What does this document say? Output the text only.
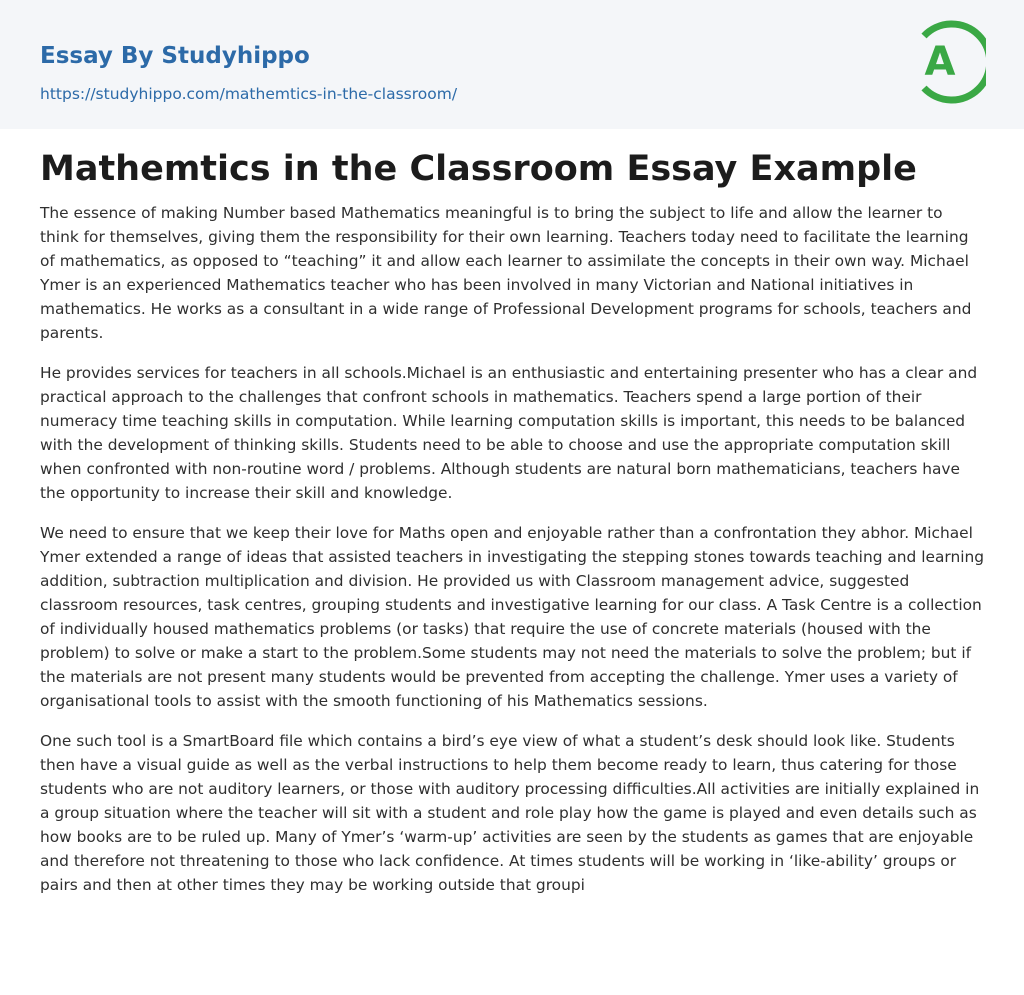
Essay By Studyhippo
https://studyhippo.com/mathemtics-in-the-classroom/
A
Mathemtics in the Classroom Essay Example

The essence of making Number based Mathematics meaningful is to bring the subject to life and allow the learner to think for themselves, giving them the responsibility for their own learning. Teachers today need to facilitate the learning of mathematics, as opposed to “teaching” it and allow each learner to assimilate the concepts in their own way. Michael Ymer is an experienced Mathematics teacher who has been involved in many Victorian and National initiatives in mathematics. He works as a consultant in a wide range of Professional Development programs for schools, teachers and parents.

He provides services for teachers in all schools.Michael is an enthusiastic and entertaining presenter who has a clear and practical approach to the challenges that confront schools in mathematics. Teachers spend a large portion of their numeracy time teaching skills in computation. While learning computation skills is important, this needs to be balanced with the development of thinking skills. Students need to be able to choose and use the appropriate computation skill when confronted with non-routine word / problems. Although students are natural born mathematicians, teachers have the opportunity to increase their skill and knowledge.

We need to ensure that we keep their love for Maths open and enjoyable rather than a confrontation they abhor. Michael Ymer extended a range of ideas that assisted teachers in investigating the stepping stones towards teaching and learning addition, subtraction multiplication and division. He provided us with Classroom management advice, suggested classroom resources, task centres, grouping students and investigative learning for our class. A Task Centre is a collection of individually housed mathematics problems (or tasks) that require the use of concrete materials (housed with the problem) to solve or make a start to the problem.Some students may not need the materials to solve the problem; but if the materials are not present many students would be prevented from accepting the challenge. Ymer uses a variety of organisational tools to assist with the smooth functioning of his Mathematics sessions.

One such tool is a SmartBoard file which contains a bird’s eye view of what a student’s desk should look like. Students then have a visual guide as well as the verbal instructions to help them become ready to learn, thus catering for those students who are not auditory learners, or those with auditory processing difficulties.All activities are initially explained in a group situation where the teacher will sit with a student and role play how the game is played and even details such as how books are to be ruled up. Many of Ymer’s ‘warm-up’ activities are seen by the students as games that are enjoyable and therefore not threatening to those who lack confidence. At times students will be working in ‘like-ability’ groups or pairs and then at other times they may be working outside that groupi
